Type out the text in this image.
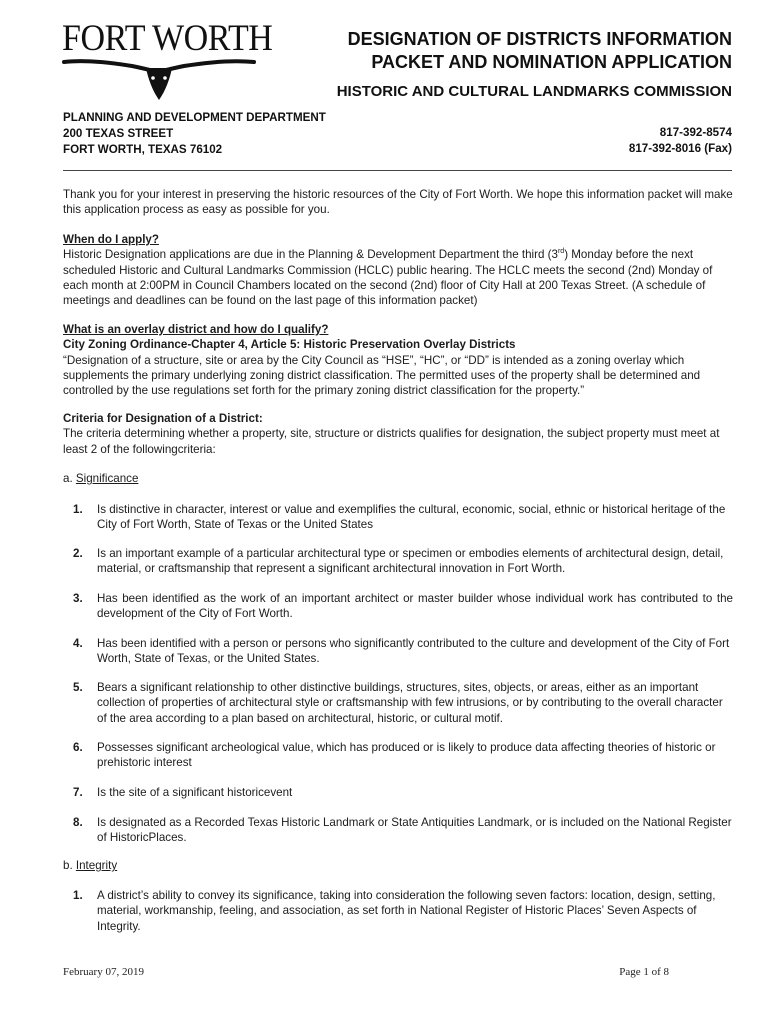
FORT WORTH	DESIGNATION OF DISTRICTS INFORMATION
PACKET AND NOMINATION APPLICATION
HISTORIC AND CULTURAL LANDMARKS COMMISSION
PLANNING AND DEVELOPMENT DEPARTMENT
200 TEXAS STREET
FORT WORTH, TEXAS 76102
817-392-8574
817-392-8016 (Fax)

Thank you for your interest in preserving the historic resources of the City of Fort Worth. We hope this information packet will make this application process as easy as possible for you.

When do I apply?

Historic Designation applications are due in the Planning & Development Department the third (3rd) Monday before the next scheduled Historic and Cultural Landmarks Commission (HCLC) public hearing. The HCLC meets the second (2nd) Monday of each month at 2:00PM in Council Chambers located on the second (2nd) floor of City Hall at 200 Texas Street. (A schedule of meetings and deadlines can be found on the last page of this information packet)

What is an overlay district and how do I qualify?
City Zoning Ordinance-Chapter 4, Article 5: Historic Preservation Overlay Districts

“Designation of a structure, site or area by the City Council as “HSE”, “HC”, or “DD” is intended as a zoning overlay which supplements the primary underlying zoning district classification. The permitted uses of the property shall be determined and controlled by the use regulations set forth for the primary zoning district classification for the property.”

Criteria for Designation of a District:

The criteria determining whether a property, site, structure or districts qualifies for designation, the subject property must meet at least 2 of the followingcriteria:

a. Significance
1. Is distinctive in character, interest or value and exemplifies the cultural, economic, social, ethnic or historical heritage of the City of Fort Worth, State of Texas or the United States
2. Is an important example of a particular architectural type or specimen or embodies elements of architectural design, detail, material, or craftsmanship that represent a significant architectural innovation in Fort Worth.
3. Has been identified as the work of an important architect or master builder whose individual work has contributed to the development of the City of Fort Worth.
4. Has been identified with a person or persons who significantly contributed to the culture and development of the City of Fort Worth, State of Texas, or the United States.
5. Bears a significant relationship to other distinctive buildings, structures, sites, objects, or areas, either as an important collection of properties of architectural style or craftsmanship with few intrusions, or by contributing to the overall character of the area according to a plan based on architectural, historic, or cultural motif.
6. Possesses significant archeological value, which has produced or is likely to produce data affecting theories of historic or prehistoric interest
7. Is the site of a significant historicevent
8. Is designated as a Recorded Texas Historic Landmark or State Antiquities Landmark, or is included on the National Register of HistoricPlaces.
b. Integrity
1. A district’s ability to convey its significance, taking into consideration the following seven factors: location, design, setting, material, workmanship, feeling, and association, as set forth in National Register of Historic Places’ Seven Aspects of Integrity.
February 07, 2019	Page 1 of 8
